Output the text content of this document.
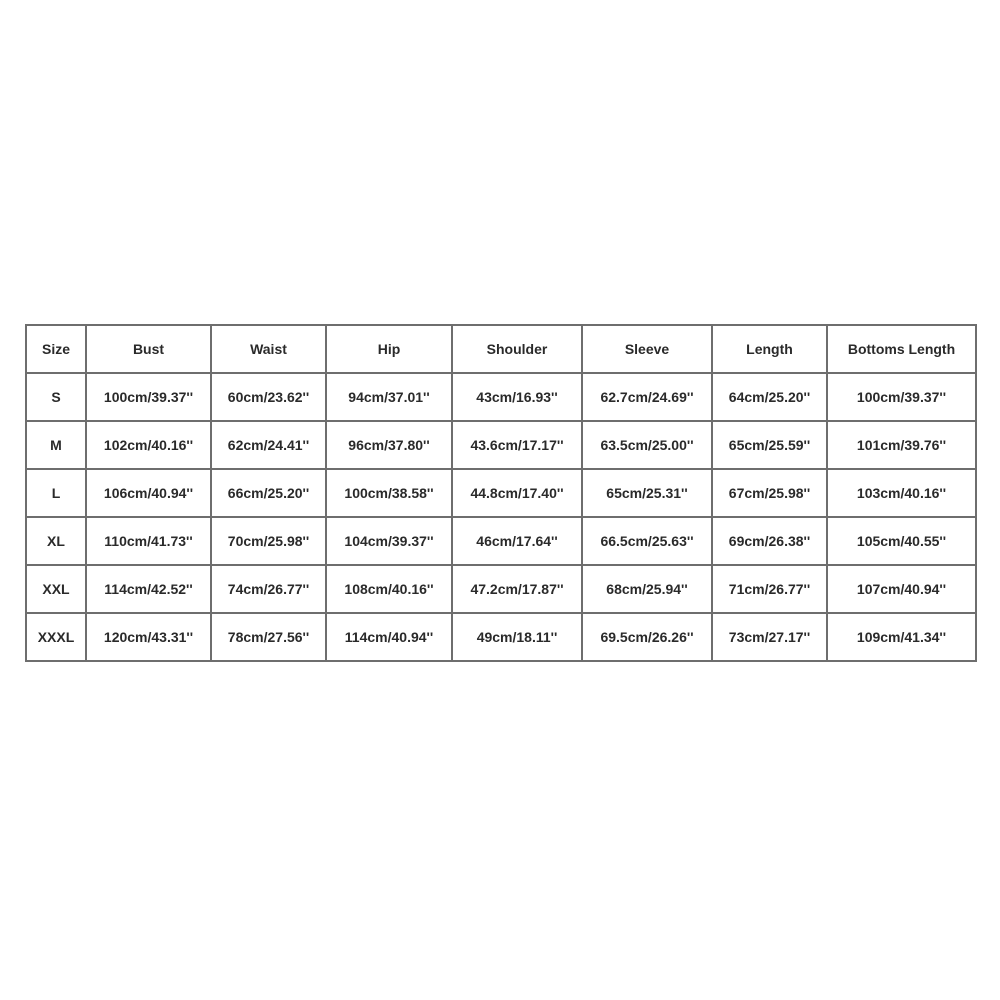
Size	Bust	Waist	Hip	Shoulder	Sleeve	Length	Bottoms Length
S	100cm/39.37''	60cm/23.62''	94cm/37.01''	43cm/16.93''	62.7cm/24.69''	64cm/25.20''	100cm/39.37''
M	102cm/40.16''	62cm/24.41''	96cm/37.80''	43.6cm/17.17''	63.5cm/25.00''	65cm/25.59''	101cm/39.76''
L	106cm/40.94''	66cm/25.20''	100cm/38.58''	44.8cm/17.40''	65cm/25.31''	67cm/25.98''	103cm/40.16''
XL	110cm/41.73''	70cm/25.98''	104cm/39.37''	46cm/17.64''	66.5cm/25.63''	69cm/26.38''	105cm/40.55''
XXL	114cm/42.52''	74cm/26.77''	108cm/40.16''	47.2cm/17.87''	68cm/25.94''	71cm/26.77''	107cm/40.94''
XXXL	120cm/43.31''	78cm/27.56''	114cm/40.94''	49cm/18.11''	69.5cm/26.26''	73cm/27.17''	109cm/41.34''
